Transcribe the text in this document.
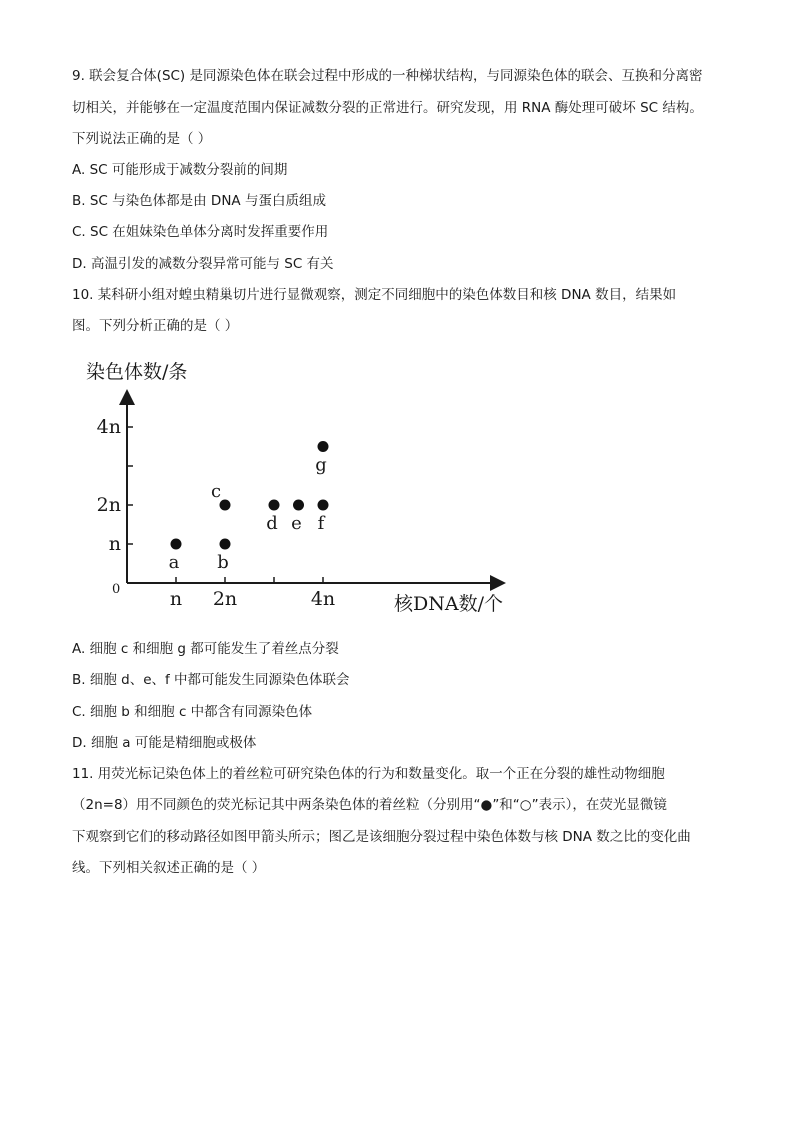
9. 联会复合体(SC) 是同源染色体在联会过程中形成的一种梯状结构，与同源染色体的联会、互换和分离密
切相关，并能够在一定温度范围内保证减数分裂的正常进行。研究发现，用 RNA 酶处理可破坏 SC 结构。
下列说法正确的是（ ）
A. SC 可能形成于减数分裂前的间期
B. SC 与染色体都是由 DNA 与蛋白质组成
C. SC 在姐妹染色单体分离时发挥重要作用
D. 高温引发的减数分裂异常可能与 SC 有关
10. 某科研小组对蝗虫精巢切片进行显微观察，测定不同细胞中的染色体数目和核 DNA 数目，结果如
图。下列分析正确的是（ ）
染色体数/条
0
核DNA数/个
n 2n	4n
n
2n
4n
a b
c
d e f
g
A. 细胞 c 和细胞 g 都可能发生了着丝点分裂
B. 细胞 d、e、f 中都可能发生同源染色体联会
C. 细胞 b 和细胞 c 中都含有同源染色体
D. 细胞 a 可能是精细胞或极体
11. 用荧光标记染色体上的着丝粒可研究染色体的行为和数量变化。取一个正在分裂的雄性动物细胞
（2n=8）用不同颜色的荧光标记其中两条染色体的着丝粒（分别用“●”和“○”表示），在荧光显微镜
下观察到它们的移动路径如图甲箭头所示；图乙是该细胞分裂过程中染色体数与核 DNA 数之比的变化曲
线。下列相关叙述正确的是（ ）
